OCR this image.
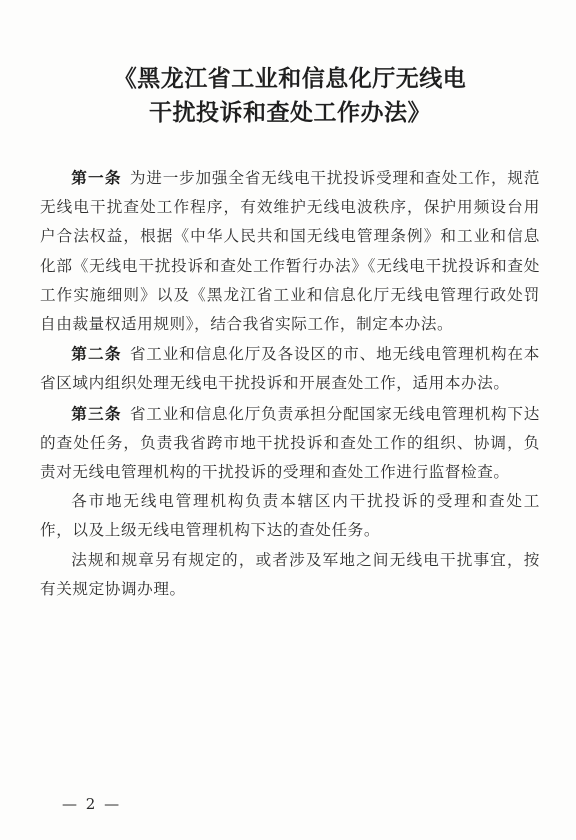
《黑龙江省工业和信息化厅无线电
干扰投诉和查处工作办法》

第一条 为进一步加强全省无线电干扰投诉受理和查处工作，规范无线电干扰查处工作程序，有效维护无线电波秩序，保护用频设台用户合法权益，根据《中华人民共和国无线电管理条例》和工业和信息化部《无线电干扰投诉和查处工作暂行办法》《无线电干扰投诉和查处工作实施细则》以及《黑龙江省工业和信息化厅无线电管理行政处罚自由裁量权适用规则》，结合我省实际工作，制定本办法。

第二条 省工业和信息化厅及各设区的市、地无线电管理机构在本省区域内组织处理无线电干扰投诉和开展查处工作，适用本办法。

第三条 省工业和信息化厅负责承担分配国家无线电管理机构下达的查处任务，负责我省跨市地干扰投诉和查处工作的组织、协调，负责对无线电管理机构的干扰投诉的受理和查处工作进行监督检查。

各市地无线电管理机构负责本辖区内干扰投诉的受理和查处工作，以及上级无线电管理机构下达的查处任务。

法规和规章另有规定的，或者涉及军地之间无线电干扰事宜，按有关规定协调办理。

— 2 —
